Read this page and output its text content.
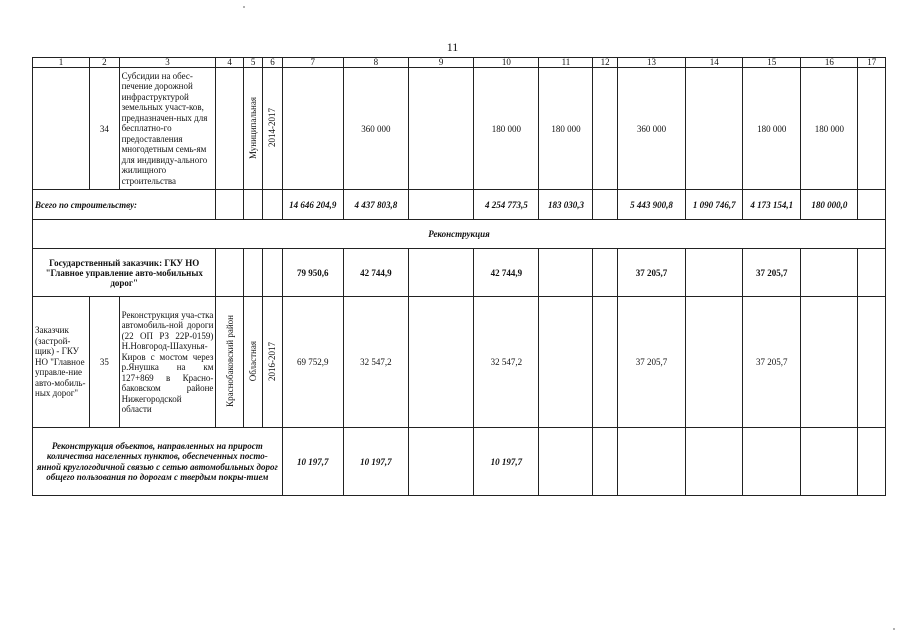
11
1	2	3	4	5	6	7	8	9	10	11	12	13	14	15	16	17
	34	Субсидии на обес-печение дорожной инфраструктурой земельных участ-ков, предназначен-ных для бесплатно-го предоставления многодетным семь-ям для индивиду-ального жилищного строительства		Муниципальная	2014-2017		360 000		180 000	180 000		360 000		180 000	180 000	
Всего по строительству:						14 646 204,9	4 437 803,8		4 254 773,5	183 030,3		5 443 900,8	1 090 746,7	4 173 154,1	180 000,0	
Реконструкция																
Государственный заказчик: ГКУ НО "Главное управление авто-мобильных дорог"						79 950,6	42 744,9		42 744,9			37 205,7		37 205,7		
Заказчик (застрой-щик) - ГКУ НО "Главное управле-ние авто-мобиль-ных дорог"	35	Реконструкция уча-стка автомобиль-ной дороги (22 ОП РЗ 22Р-0159) Н.Новгород-Шахунья-Киров с мостом через р.Янушка на км 127+869 в Красно-баковском районе Нижегородской области	Краснобаковский район	Областная	2016-2017	69 752,9	32 547,2		32 547,2			37 205,7		37 205,7		
Реконструкция объектов, направленных на прирост количества населенных пунктов, обеспеченных посто-янной круглогодичной связью с сетью автомобильных дорог общего пользования по дорогам с твердым покры-тием						10 197,7	10 197,7		10 197,7							
